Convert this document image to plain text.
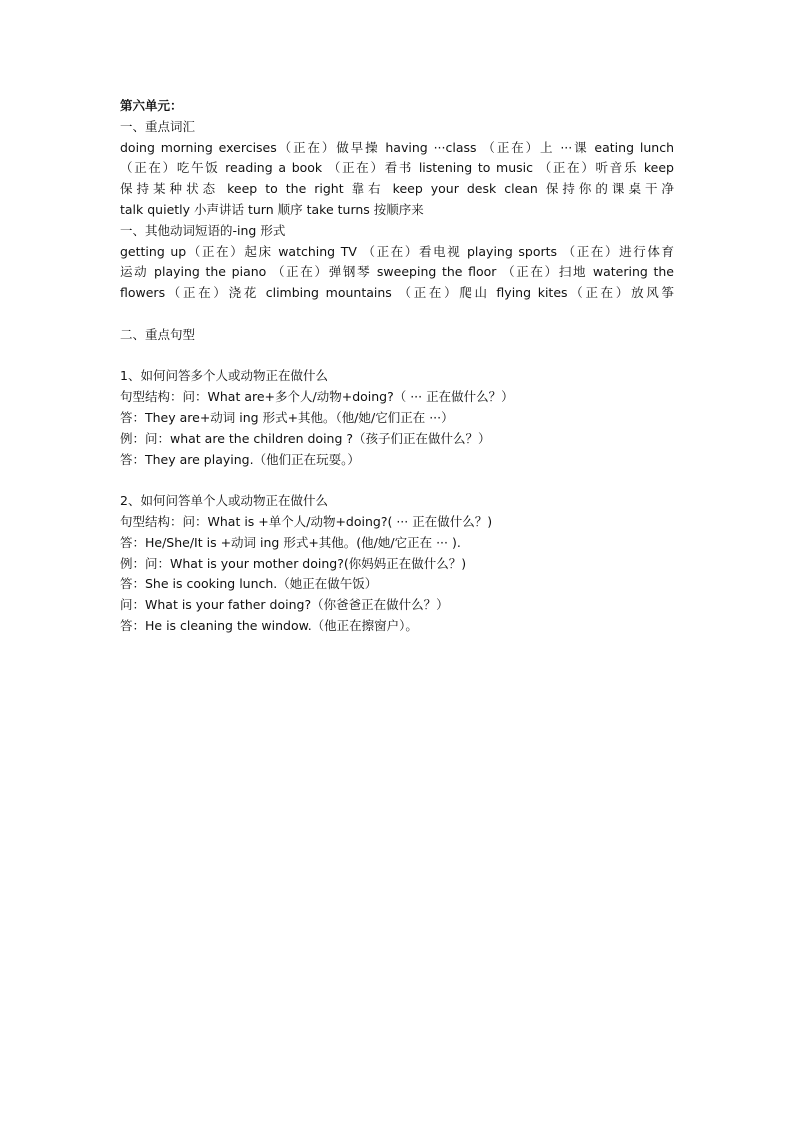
第六单元：
一、重点词汇
doing morning exercises（正在）做早操 having ···class （正在）上 ···课 eating lunch
（正在）吃午饭 reading a book （正在）看书 listening to music （正在）听音乐 keep
保持某种状态 keep to the right 靠右 keep your desk clean 保持你的课桌干净
talk quietly 小声讲话 turn 顺序 take turns 按顺序来
一、其他动词短语的-ing 形式
getting up（正在）起床 watching TV （正在）看电视 playing sports （正在）进行体育
运动 playing the piano （正在）弹钢琴 sweeping the floor （正在）扫地 watering the
flowers（正在）浇花 climbing mountains （正在）爬山 flying kites（正在）放风筝
二、重点句型
1、如何问答多个人或动物正在做什么
句型结构：问：What are+多个人/动物+doing?（ ··· 正在做什么？）
答：They are+动词 ing 形式+其他。（他/她/它们正在 ···）
例：问：what are the children doing ?（孩子们正在做什么？）
答：They are playing.（他们正在玩耍。）
2、如何问答单个人或动物正在做什么
句型结构：问：What is +单个人/动物+doing?( ··· 正在做什么？)
答：He/She/It is +动词 ing 形式+其他。(他/她/它正在 ··· ).
例：问：What is your mother doing?(你妈妈正在做什么？)
答：She is cooking lunch.（她正在做午饭）
问：What is your father doing?（你爸爸正在做什么？）
答：He is cleaning the window.（他正在擦窗户）。
